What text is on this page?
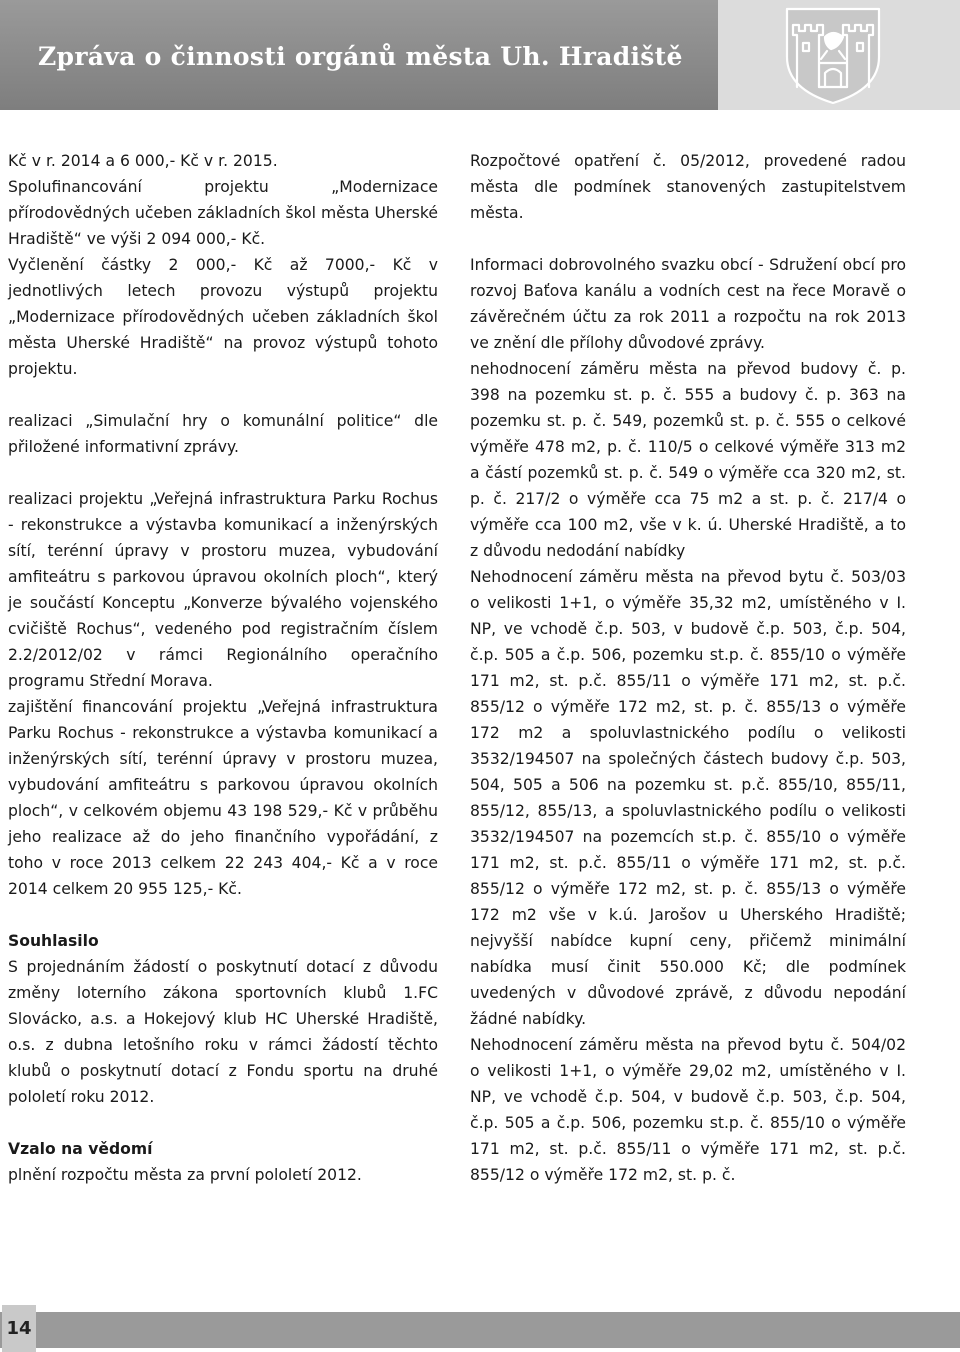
Zpráva o činnosti orgánů města Uh. Hradiště

Kč v r. 2014 a 6 000,- Kč v r. 2015.

Spolufinancování projektu „Modernizace přírodovědných učeben základních škol města Uherské Hradiště“ ve výši 2 094 000,- Kč.

Vyčlenění částky 2 000,- Kč až 7000,- Kč v jednotlivých letech provozu výstupů projektu „Modernizace přírodovědných učeben základních škol města Uherské Hradiště“ na provoz výstupů tohoto projektu.

realizaci „Simulační hry o komunální politice“ dle přiložené informativní zprávy.

realizaci projektu „Veřejná infrastruktura Parku Rochus - rekonstrukce a výstavba komunikací a inženýrských sítí, terénní úpravy v prostoru muzea, vybudování amfiteátru s parkovou úpravou okolních ploch“, který je součástí Konceptu „Konverze bývalého vojenského cvičiště Rochus“, vedeného pod registračním číslem 2.2/2012/02 v rámci Regionálního operačního programu Střední Morava.

zajištění financování projektu „Veřejná infrastruktura Parku Rochus - rekonstrukce a výstavba komunikací a inženýrských sítí, terénní úpravy v prostoru muzea, vybudování amfiteátru s parkovou úpravou okolních ploch“, v celkovém objemu 43 198 529,- Kč v průběhu jeho realizace až do jeho finančního vypořádání, z toho v roce 2013 celkem 22 243 404,- Kč a v roce 2014 celkem 20 955 125,- Kč.

Souhlasilo

S projednáním žádostí o poskytnutí dotací z důvodu změny loterního zákona sportovních klubů 1.FC Slovácko, a.s. a Hokejový klub HC Uherské Hradiště, o.s. z dubna letošního roku v rámci žádostí těchto klubů o poskytnutí dotací z Fondu sportu na druhé pololetí roku 2012.

Vzalo na vědomí

plnění rozpočtu města za první pololetí 2012.

Rozpočtové opatření č. 05/2012, provedené radou města dle podmínek stanovených zastupitelstvem města.

Informaci dobrovolného svazku obcí - Sdružení obcí pro rozvoj Baťova kanálu a vodních cest na řece Moravě o závěrečném účtu za rok 2011 a rozpočtu na rok 2013 ve znění dle přílohy důvodové zprávy.

nehodnocení záměru města na převod budovy č. p. 398 na pozemku st. p. č. 555 a budovy č. p. 363 na pozemku st. p. č. 549, pozemků st. p. č. 555 o celkové výměře 478 m2, p. č. 110/5 o celkové výměře 313 m2 a částí pozemků st. p. č. 549 o výměře cca 320 m2, st. p. č. 217/2 o výměře cca 75 m2 a st. p. č. 217/4 o výměře cca 100 m2, vše v k. ú. Uherské Hradiště, a to z důvodu nedodání nabídky

Nehodnocení záměru města na převod bytu č. 503/03 o velikosti 1+1, o výměře 35,32 m2, umístěného v I. NP, ve vchodě č.p. 503, v budově č.p. 503, č.p. 504, č.p. 505 a č.p. 506, pozemku st.p. č. 855/10 o výměře 171 m2, st. p.č. 855/11 o výměře 171 m2, st. p.č. 855/12 o výměře 172 m2, st. p. č. 855/13 o výměře 172 m2 a spoluvlastnického podílu o velikosti 3532/194507 na společných částech budovy č.p. 503, 504, 505 a 506 na pozemku st. p.č. 855/10, 855/11, 855/12, 855/13, a spoluvlastnického podílu o velikosti 3532/194507 na pozemcích st.p. č. 855/10 o výměře 171 m2, st. p.č. 855/11 o výměře 171 m2, st. p.č. 855/12 o výměře 172 m2, st. p. č. 855/13 o výměře 172 m2 vše v k.ú. Jarošov u Uherského Hradiště; nejvyšší nabídce kupní ceny, přičemž minimální nabídka musí činit 550.000 Kč; dle podmínek uvedených v důvodové zprávě, z důvodu nepodání žádné nabídky.

Nehodnocení záměru města na převod bytu č. 504/02 o velikosti 1+1, o výměře 29,02 m2, umístěného v I. NP, ve vchodě č.p. 504, v budově č.p. 503, č.p. 504, č.p. 505 a č.p. 506, pozemku st.p. č. 855/10 o výměře 171 m2, st. p.č. 855/11 o výměře 171 m2, st. p.č. 855/12 o výměře 172 m2, st. p. č.

14
